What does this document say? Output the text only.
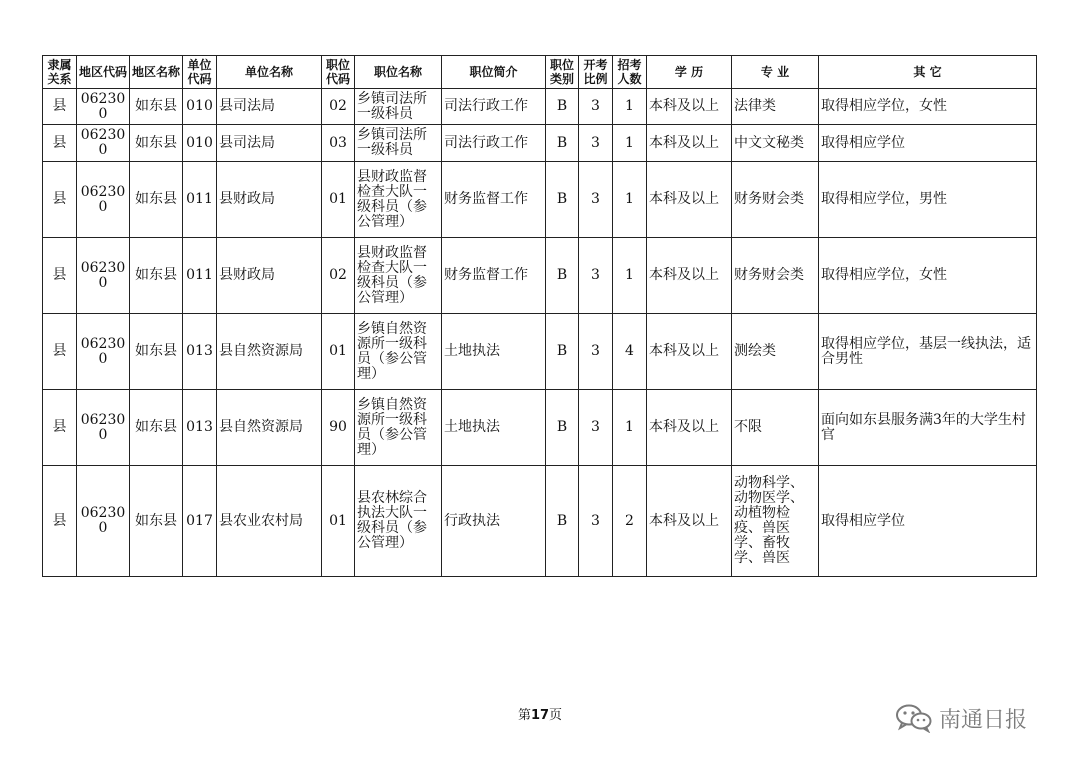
隶属关系	地区代码	地区名称	单位代码	单位名称	职位代码	职位名称	职位简介	职位类别	开考比例	招考人数	学 历	专 业	其 它
县	062300	如东县	010	县司法局	02	乡镇司法所一级科员	司法行政工作	B	3	1	本科及以上	法律类	取得相应学位，女性
县	062300	如东县	010	县司法局	03	乡镇司法所一级科员	司法行政工作	B	3	1	本科及以上	中文文秘类	取得相应学位
县	062300	如东县	011	县财政局	01	县财政监督检查大队一级科员（参公管理）	财务监督工作	B	3	1	本科及以上	财务财会类	取得相应学位，男性
县	062300	如东县	011	县财政局	02	县财政监督检查大队一级科员（参公管理）	财务监督工作	B	3	1	本科及以上	财务财会类	取得相应学位，女性
县	062300	如东县	013	县自然资源局	01	乡镇自然资源所一级科员（参公管理）	土地执法	B	3	4	本科及以上	测绘类	取得相应学位，基层一线执法，适合男性
县	062300	如东县	013	县自然资源局	90	乡镇自然资源所一级科员（参公管理）	土地执法	B	3	1	本科及以上	不限	面向如东县服务满3年的大学生村官
县	062300	如东县	017	县农业农村局	01	县农林综合执法大队一级科员（参公管理）	行政执法	B	3	2	本科及以上	动物科学、动物医学、动植物检疫、兽医学、畜牧学、兽医	取得相应学位
第17页	南通日报
